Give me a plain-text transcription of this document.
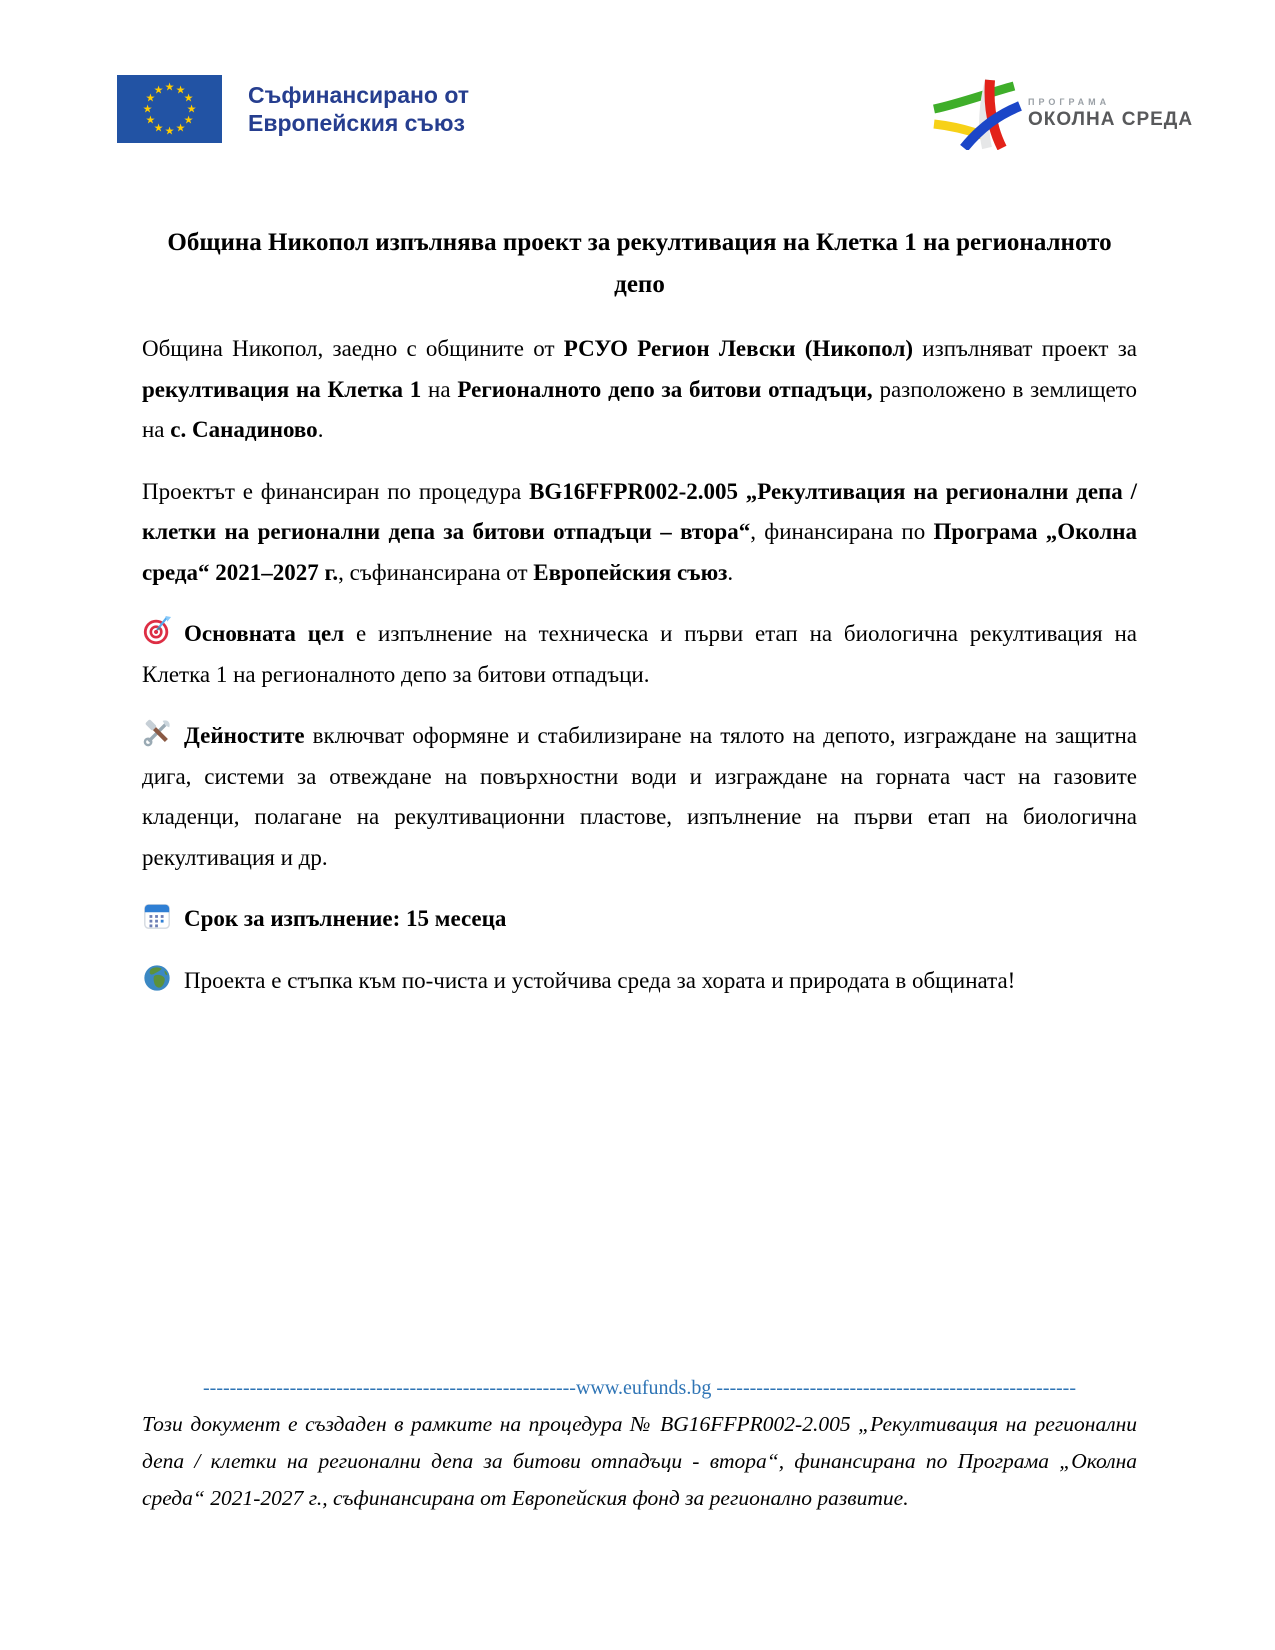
★ ★
★
★
★
★
★
★
★
★
★
★	Съфинансирано от
Европейския съюз
ПРОГРАМА
ОКОЛНА СРЕДА
Община Никопол изпълнява проект за рекултивация на Клетка 1 на регионалното депо

Община Никопол, заедно с общините от РСУО Регион Левски (Никопол) изпълняват проект за рекултивация на Клетка 1 на Регионалното депо за битови отпадъци, разположено в землището на с. Санадиново.

Проектът е финансиран по процедура BG16FFPR002-2.005 „Рекултивация на регионални депа / клетки на регионални депа за битови отпадъци – втора“, финансирана по Програма „Околна среда“ 2021–2027 г., съфинансирана от Европейския съюз.

Основната цел е изпълнение на техническа и първи етап на биологична рекултивация на Клетка 1 на регионалното депо за битови отпадъци.

Дейностите включват оформяне и стабилизиране на тялото на депото, изграждане на защитна дига, системи за отвеждане на повърхностни води и изграждане на горната част на газовите кладенци, полагане на рекултивационни пластове, изпълнение на първи етап на биологична рекултивация и др.

Срок за изпълнение: 15 месеца

Проекта е стъпка към по-чиста и устойчива среда за хората и природата в общината!

--------------------------------------------------------www.eufunds.bg ------------------------------------------------------
Този документ е създаден в рамките на процедура № BG16FFPR002-2.005 „Рекултивация на регионални депа / клетки на регионални депа за битови отпадъци - втора“, финансирана по Програма „Околна среда“ 2021-2027 г., съфинансирана от Европейския фонд за регионално развитие.
